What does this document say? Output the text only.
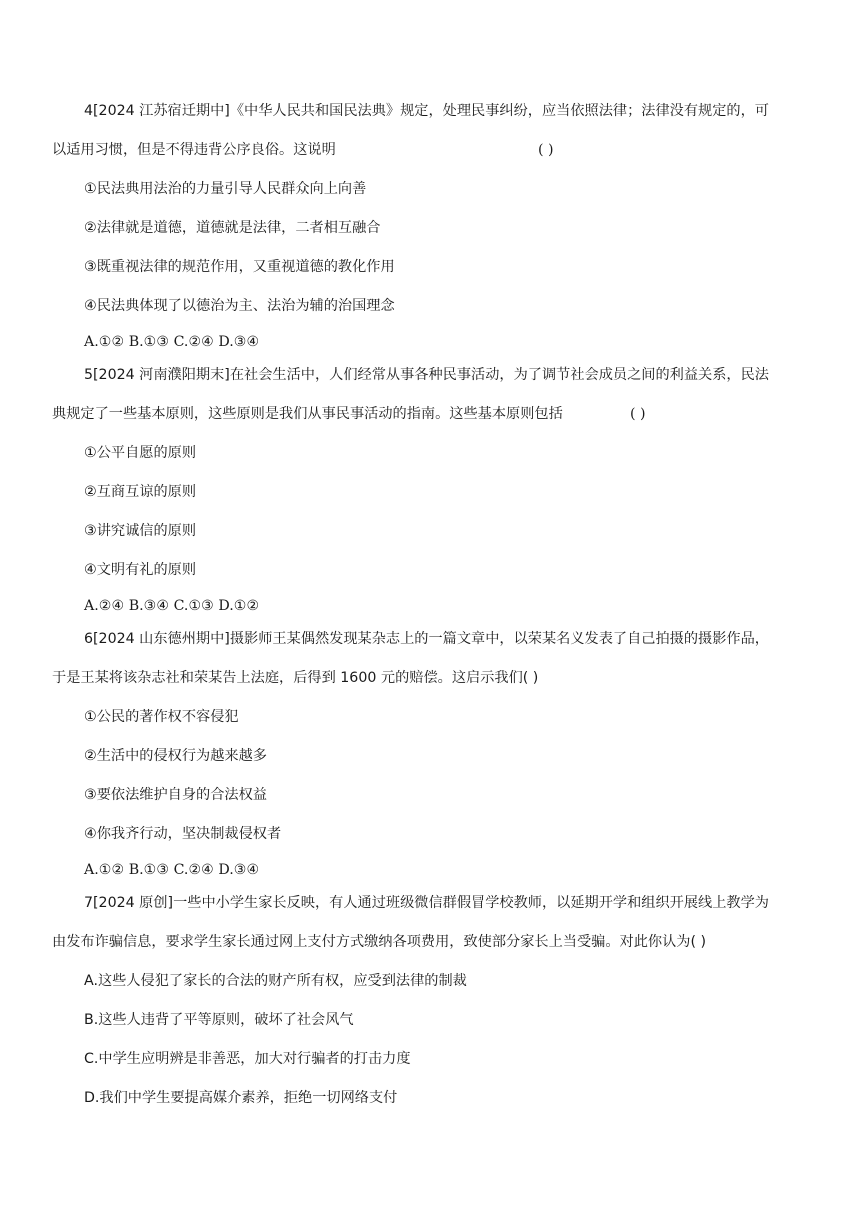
4[2024 江苏宿迁期中]《中华人民共和国民法典》规定，处理民事纠纷，应当依照法律；法律没有规定的，可
以适用习惯，但是不得违背公序良俗。这说明	( )
①民法典用法治的力量引导人民群众向上向善
②法律就是道德，道德就是法律，二者相互融合
③既重视法律的规范作用，又重视道德的教化作用
④民法典体现了以德治为主、法治为辅的治国理念
A.①② B.①③ C.②④ D.③④
5[2024 河南濮阳期末]在社会生活中，人们经常从事各种民事活动，为了调节社会成员之间的利益关系，民法
典规定了一些基本原则，这些原则是我们从事民事活动的指南。这些基本原则包括	( )
①公平自愿的原则
②互商互谅的原则
③讲究诚信的原则
④文明有礼的原则
A.②④ B.③④ C.①③ D.①②
6[2024 山东德州期中]摄影师王某偶然发现某杂志上的一篇文章中，以荣某名义发表了自己拍摄的摄影作品，
于是王某将该杂志社和荣某告上法庭，后得到 1600 元的赔偿。这启示我们( )
①公民的著作权不容侵犯
②生活中的侵权行为越来越多
③要依法维护自身的合法权益
④你我齐行动，坚决制裁侵权者
A.①② B.①③ C.②④ D.③④
7[2024 原创]一些中小学生家长反映，有人通过班级微信群假冒学校教师，以延期开学和组织开展线上教学为
由发布诈骗信息，要求学生家长通过网上支付方式缴纳各项费用，致使部分家长上当受骗。对此你认为( )
A.这些人侵犯了家长的合法的财产所有权，应受到法律的制裁
B.这些人违背了平等原则，破坏了社会风气
C.中学生应明辨是非善恶，加大对行骗者的打击力度
D.我们中学生要提高媒介素养，拒绝一切网络支付
